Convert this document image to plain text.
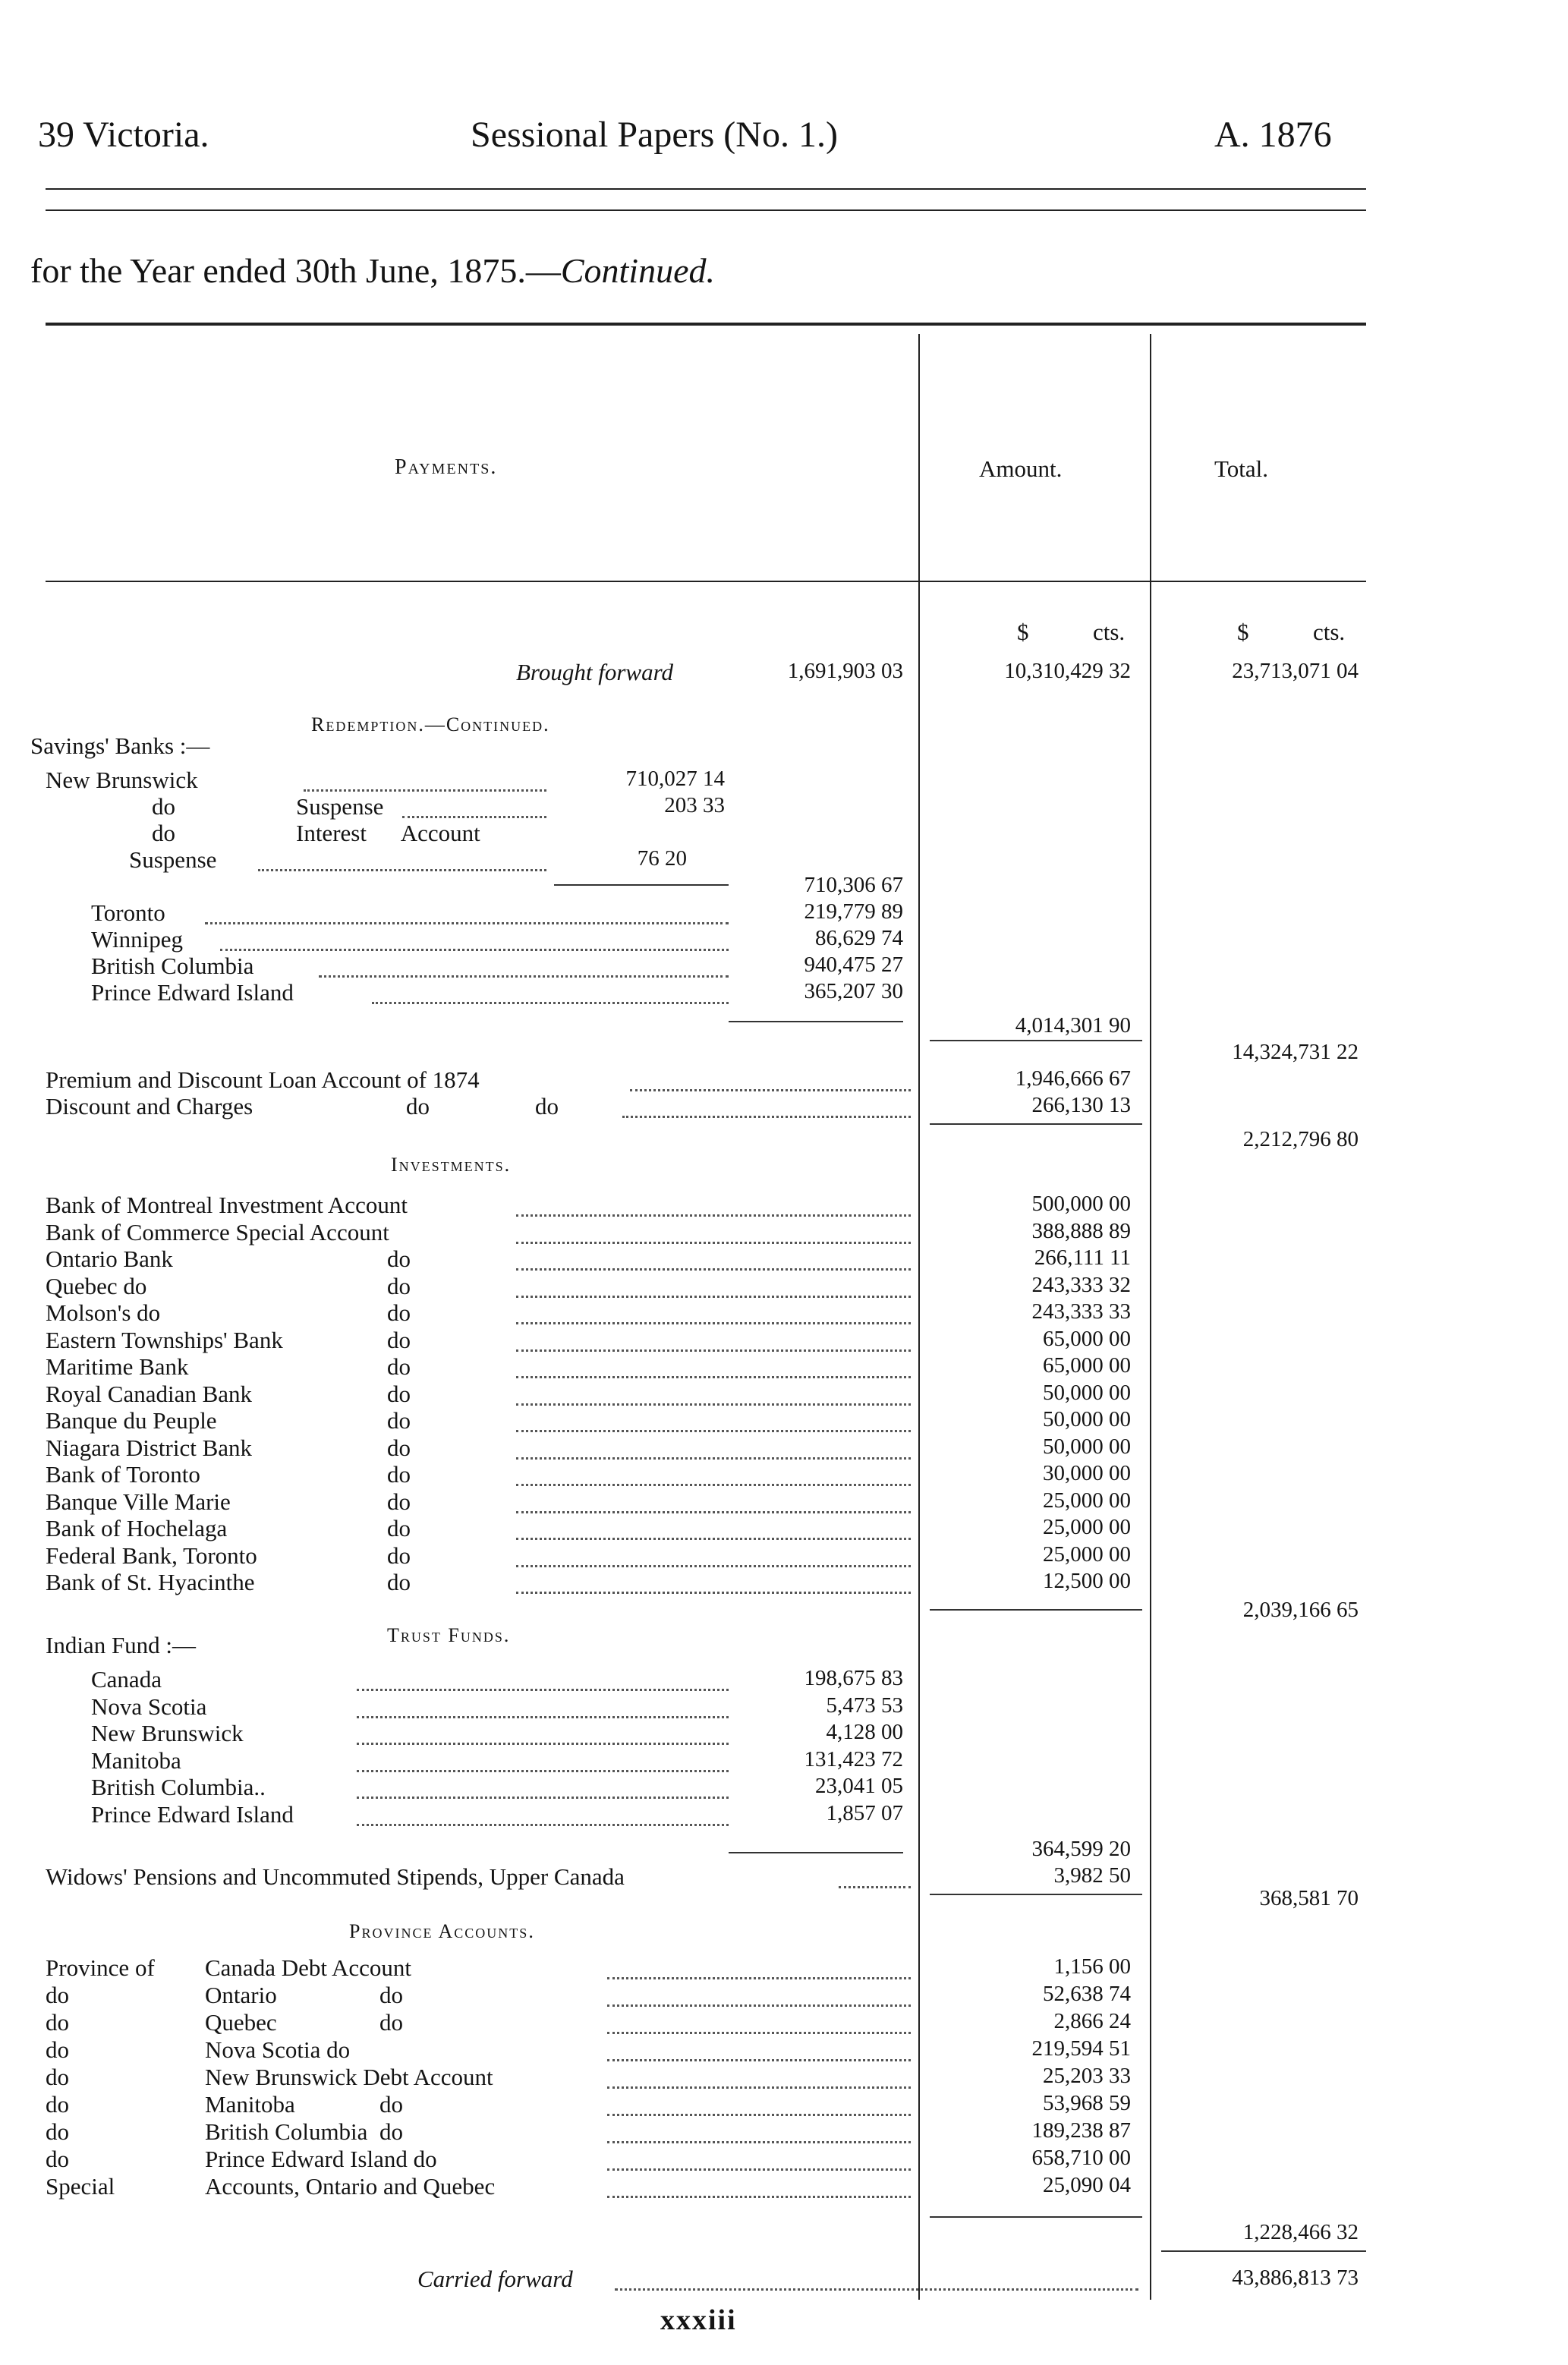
39 Victoria.	Sessional Papers (No. 1.)	A. 1876
for the Year ended 30th June, 1875.—Continued.
Payments.	Amount.	Total.
$	cts.	$	cts.
Brought forward	1,691,903 03	10,310,429 32	23,713,071 04
Redemption.—Continued.
Savings' Banks :—
New Brunswick	710,027 14
do	Suspense	203 33
do	Interest      Account
Suspense	76 20
710,306 67
Toronto	219,779 89
Winnipeg	86,629 74
British Columbia	940,475 27
Prince Edward Island	365,207 30
4,014,301 90
14,324,731 22
Premium and Discount Loan Account of 1874	1,946,666 67
Discount and Charges	do	do	266,130 13
2,212,796 80
Investments.
Bank of Montreal Investment Account	500,000 00
Bank of Commerce Special Account	388,888 89
Ontario Bank	do	266,111 11
Quebec do	do	243,333 32
Molson's do	do	243,333 33
Eastern Townships' Bank	do	65,000 00
Maritime Bank	do	65,000 00
Royal Canadian Bank	do	50,000 00
Banque du Peuple	do	50,000 00
Niagara District Bank	do	50,000 00
Bank of Toronto	do	30,000 00
Banque Ville Marie	do	25,000 00
Bank of Hochelaga	do	25,000 00
Federal Bank, Toronto	do	25,000 00
Bank of St. Hyacinthe	do	12,500 00
2,039,166 65
Trust Funds.
Indian Fund :—
Canada	198,675 83
Nova Scotia	5,473 53
New Brunswick	4,128 00
Manitoba	131,423 72
British Columbia..	23,041 05
Prince Edward Island	1,857 07
364,599 20
Widows' Pensions and Uncommuted Stipends, Upper Canada	3,982 50
368,581 70
Province Accounts.
Province of Canada Debt Account	1,156 00
do	Ontario	do	52,638 74
do	Quebec	do	2,866 24
do	Nova Scotia do	219,594 51
do	New Brunswick Debt Account	25,203 33
do	Manitoba	do	53,968 59
do	British Columbia do	189,238 87
do	Prince Edward Island do	658,710 00
Special	Accounts, Ontario and Quebec	25,090 04
1,228,466 32
Carried forward	43,886,813 73
xxxiii
